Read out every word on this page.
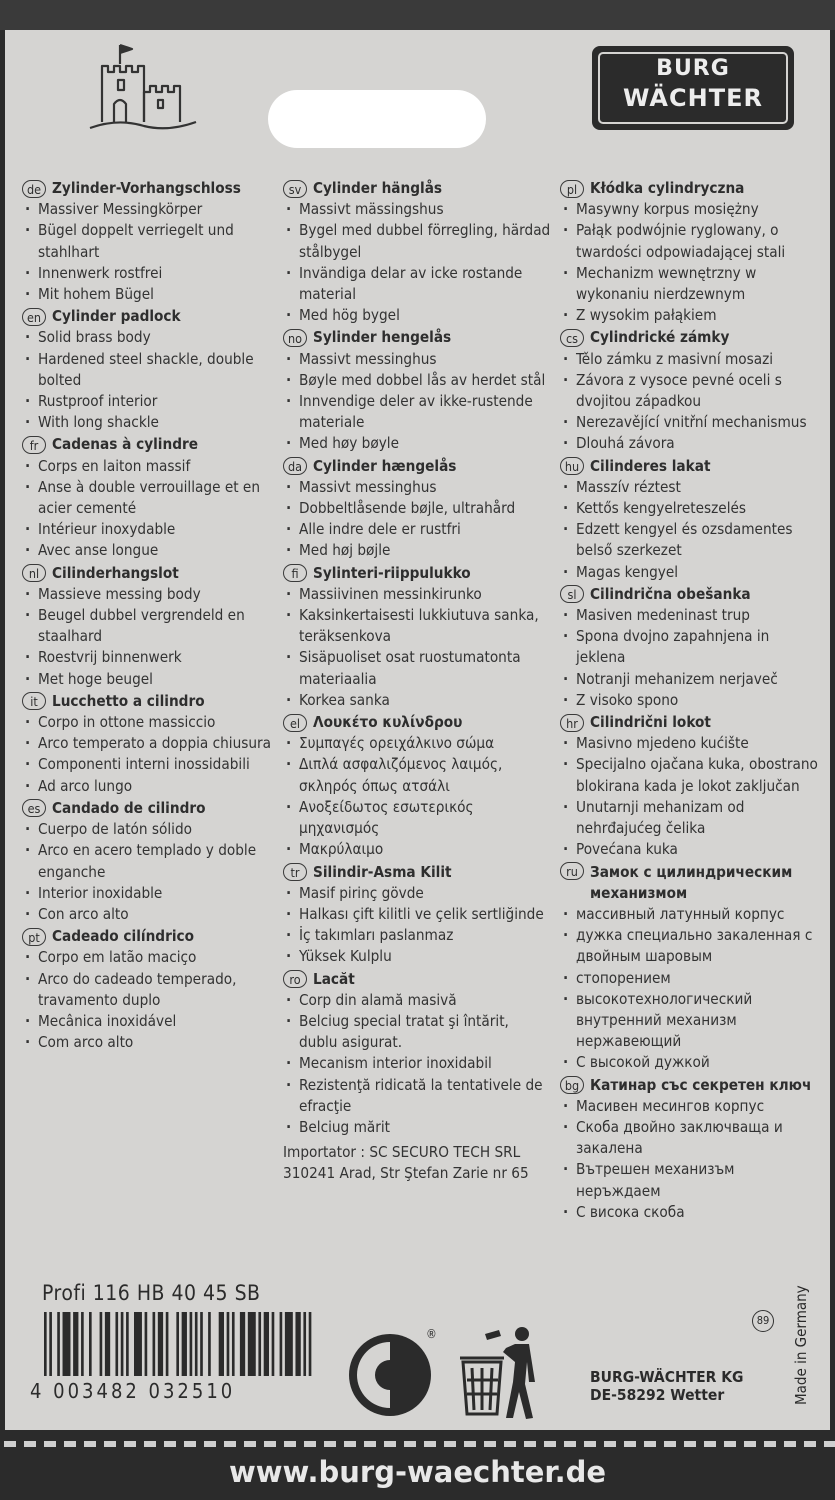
BURG
WÄCHTER
de Zylinder-Vorhangschloss
· Massiver Messingkörper
· Bügel doppelt verriegelt und stahlhart
· Innenwerk rostfrei
· Mit hohem Bügel
en Cylinder padlock
· Solid brass body
· Hardened steel shackle, double bolted
· Rustproof interior
· With long shackle
fr Cadenas à cylindre
· Corps en laiton massif
· Anse à double verrouillage et en acier cementé
· Intérieur inoxydable
· Avec anse longue
nl Cilinderhangslot
· Massieve messing body
· Beugel dubbel vergrendeld en staalhard
· Roestvrij binnenwerk
· Met hoge beugel
it Lucchetto a cilindro
· Corpo in ottone massiccio
· Arco temperato a doppia chiusura
· Componenti interni inossidabili
· Ad arco lungo
es Candado de cilindro
· Cuerpo de latón sólido
· Arco en acero templado y doble enganche
· Interior inoxidable
· Con arco alto
pt Cadeado cilíndrico
· Corpo em latão maciço
· Arco do cadeado temperado, travamento duplo
· Mecânica inoxidável
· Com arco alto
sv Cylinder hänglås
· Massivt mässingshus
· Bygel med dubbel förregling, härdad stålbygel
· Invändiga delar av icke rostande material
· Med hög bygel
no Sylinder hengelås
· Massivt messinghus
· Bøyle med dobbel lås av herdet stål
· Innvendige deler av ikke-rustende materiale
· Med høy bøyle
da Cylinder hængelås
· Massivt messinghus
· Dobbeltlåsende bøjle, ultrahård
· Alle indre dele er rustfri
· Med høj bøjle
fi Sylinteri-riippulukko
· Massiivinen messinkirunko
· Kaksinkertaisesti lukkiutuva sanka, teräksenkova
· Sisäpuoliset osat ruostumatonta materiaalia
· Korkea sanka
el Λουκέτο κυλίνδρου
· Συμπαγές ορειχάλκινο σώμα
· Διπλά ασφαλιζόμενος λαιμός, σκληρός όπως ατσάλι
· Ανοξείδωτος εσωτερικός μηχανισμός
· Μακρύλαιμο
tr Silindir-Asma Kilit
· Masif pirinç gövde
· Halkası çift kilitli ve çelik sertliğinde
· İç takımları paslanmaz
· Yüksek Kulplu
ro Lacăt
· Corp din alamă masivă
· Belciug special tratat şi întărit, dublu asigurat.
· Mecanism interior inoxidabil
· Rezistenţă ridicată la tentativele de efracţie
· Belciug mărit
Importator : SC SECURO TECH SRL
310241 Arad, Str Ştefan Zarie nr 65
pl Kłódka cylindryczna
· Masywny korpus mosiężny
· Pałąk podwójnie ryglowany, o twardości odpowiadającej stali
· Mechanizm wewnętrzny w wykonaniu nierdzewnym
· Z wysokim pałąkiem
cs Cylindrické zámky
· Tělo zámku z masivní mosazi
· Závora z vysoce pevné oceli s dvojitou západkou
· Nerezavějící vnitřní mechanismus
· Dlouhá závora
hu Cilinderes lakat
· Masszív réztest
· Kettős kengyelreteszelés
· Edzett kengyel és ozsdamentes belső szerkezet
· Magas kengyel
sl Cilindrična obešanka
· Masiven medeninast trup
· Spona dvojno zapahnjena in jeklena
· Notranji mehanizem nerjaveč
· Z visoko spono
hr Cilindrični lokot
· Masivno mjedeno kućište
· Specijalno ojačana kuka, obostrano blokirana kada je lokot zaključan
· Unutarnji mehanizam od nehrđajućeg čelika
· Povećana kuka
ru Замок с цилиндрическим механизмом
· массивный латунный корпус
· дужка специально закаленная с двойным шаровым
· стопорением
· высокотехнологический внутренний механизм нержавеющий
· С высокой дужкой
bg Катинар със секретен ключ
· Масивен месингов корпус
· Скоба двойно заключваща и закалена
· Вътрешен механизъм неръждаем
· С висока скоба
Profi 116 HB 40 45 SB
4 003482 032510
®
89	Made in Germany
BURG-WÄCHTER KG
DE-58292 Wetter
www.burg-waechter.de
